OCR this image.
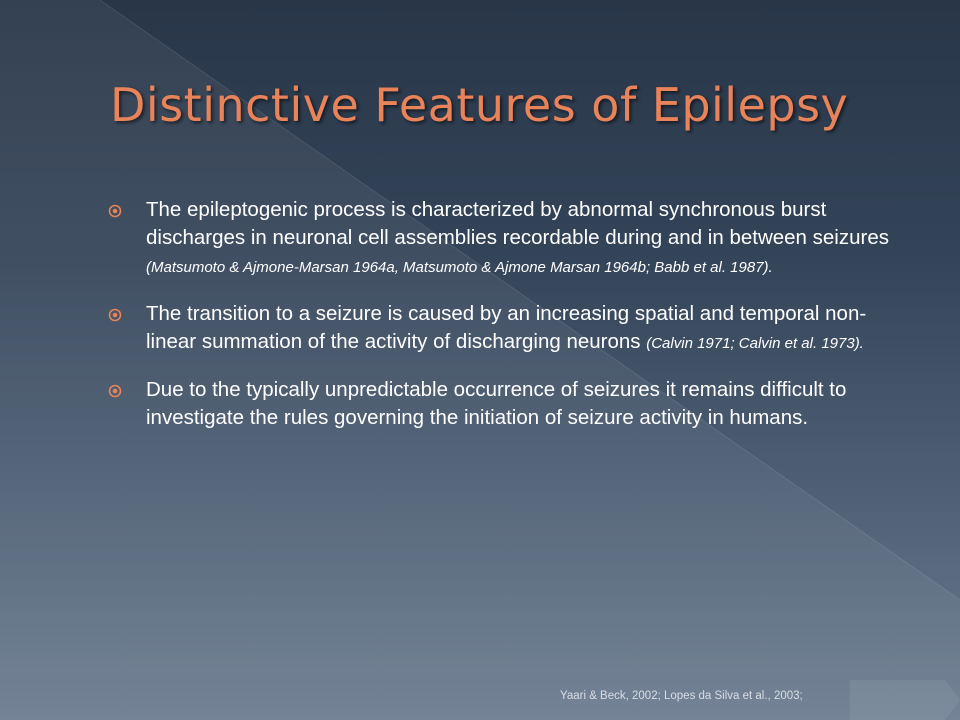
Distinctive Features of Epilepsy
The epileptogenic process is characterized by abnormal synchronous burst discharges in neuronal cell assemblies recordable during and in between seizures (Matsumoto & Ajmone-Marsan 1964a, Matsumoto & Ajmone Marsan 1964b; Babb et al. 1987).
The transition to a seizure is caused by an increasing spatial and temporal non-linear summation of the activity of discharging neurons (Calvin 1971; Calvin et al. 1973).
Due to the typically unpredictable occurrence of seizures it remains difficult to investigate the rules governing the initiation of seizure activity in humans.
Yaari & Beck, 2002; Lopes da Silva et al., 2003;
